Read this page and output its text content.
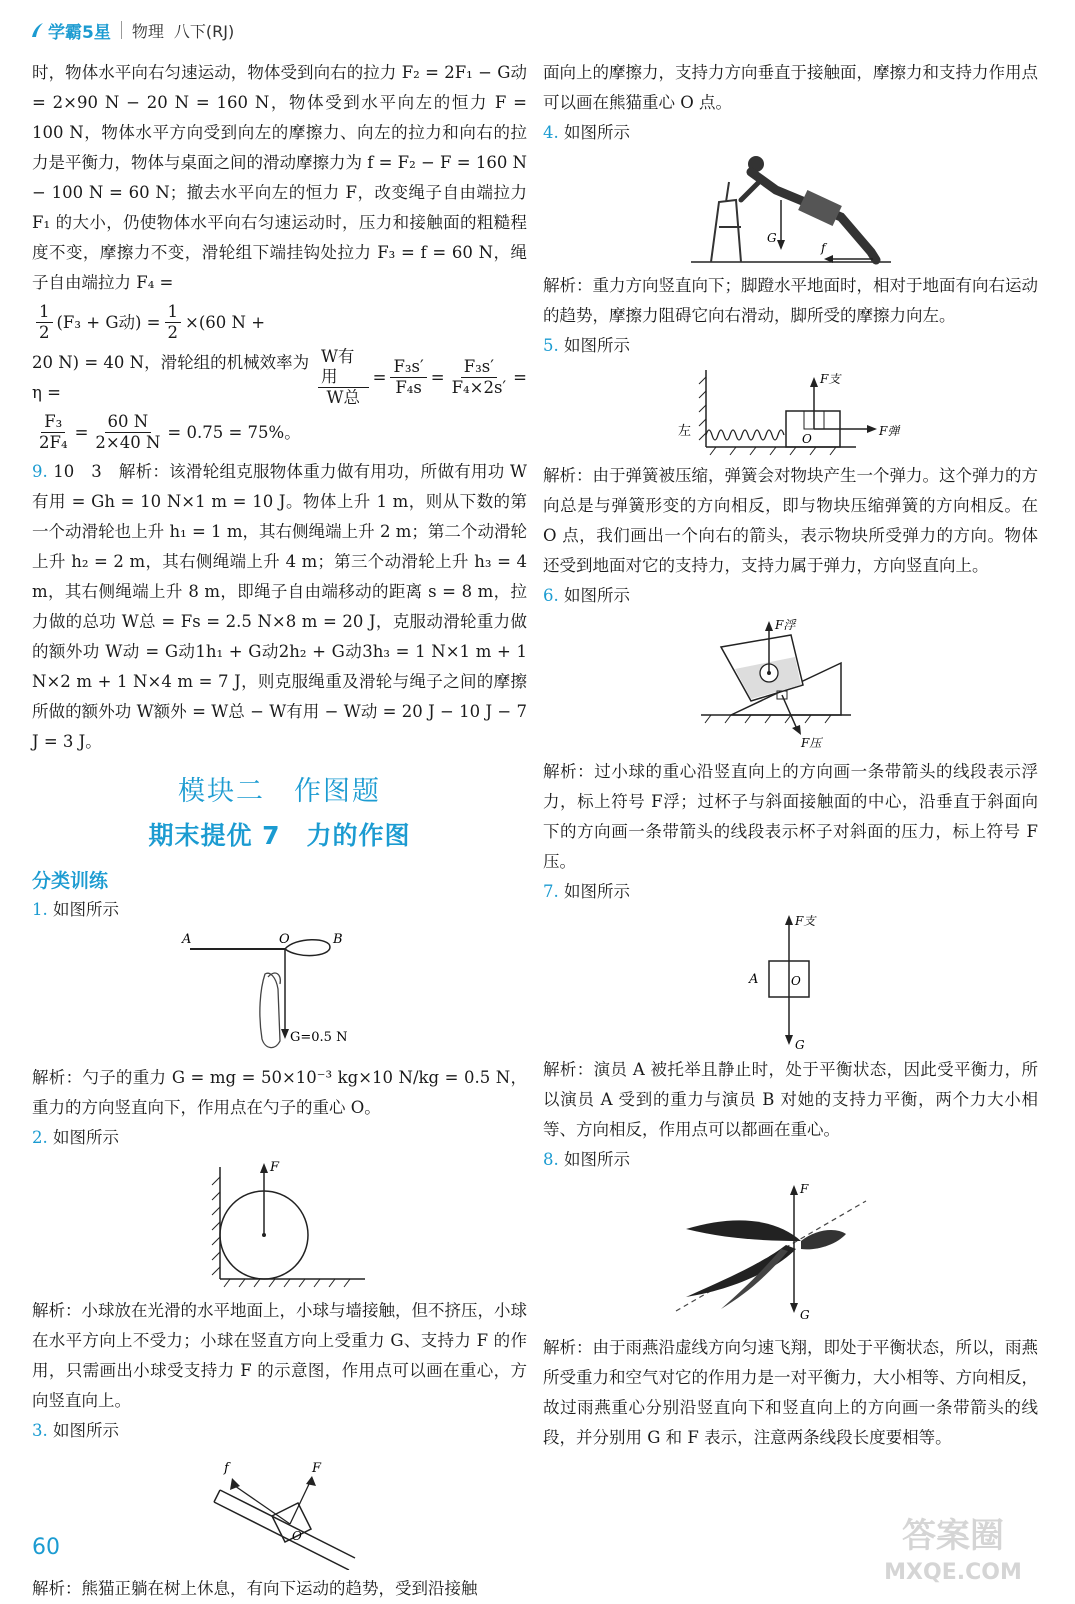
学霸5星 物理 八下(RJ)

时，物体水平向右匀速运动，物体受到向右的拉力 F₂ = 2F₁ − G动 = 2×90 N − 20 N = 160 N，物体受到水平向左的恒力 F = 100 N，物体水平方向受到向左的摩擦力、向左的拉力和向右的拉力是平衡力，物体与桌面之间的滑动摩擦力为 f = F₂ − F = 160 N − 100 N = 60 N；撤去水平向左的恒力 F，改变绳子自由端拉力 F₁ 的大小，仍使物体水平向右匀速运动时，压力和接触面的粗糙程度不变，摩擦力不变，滑轮组下端挂钩处拉力 F₃ = f = 60 N，绳子自由端拉力 F₄ =

$\frac{1}{2} (F_3 + G$动) = $\frac{1}{2} \times(60$ N +
20 N) = 40 N，滑轮组的机械效率为 η =	$\frac{\text{W有用}}{\text{W总}} = \frac{\text{F₃s′}}{\text{F₄s}} = \frac{\text{F₃s′}}{\text{F₄×2s′}}$ =
$\frac{\text{F₃}}{\text{2F₄}} = \frac{60 N}{2\times 40 N} = 0.75 = 75\%$。

9. 10　3　解析：该滑轮组克服物体重力做有用功，所做有用功 W有用 = Gh = 10 N×1 m = 10 J。物体上升 1 m，则从下数的第一个动滑轮也上升 h₁ = 1 m，其右侧绳端上升 2 m；第二个动滑轮上升 h₂ = 2 m，其右侧绳端上升 4 m；第三个动滑轮上升 h₃ = 4 m，其右侧绳端上升 8 m，即绳子自由端移动的距离 s = 8 m，拉力做的总功 W总 = Fs = 2.5 N×8 m = 20 J，克服动滑轮重力做的额外功 W动 = G动1h₁ + G动2h₂ + G动3h₃ = 1 N×1 m + 1 N×2 m + 1 N×4 m = 7 J，则克服绳重及滑轮与绳子之间的摩擦所做的额外功 W额外 = W总 − W有用 − W动 = 20 J − 10 J − 7 J = 3 J。

模块二　作图题
期末提优 7　力的作图

分类训练

1. 如图所示

A	O	B
G=0.5 N

解析：勺子的重力 G = mg = 50×10⁻³ kg×10 N/kg = 0.5 N，重力的方向竖直向下，作用点在勺子的重心 O。

2. 如图所示

F

解析：小球放在光滑的水平地面上，小球与墙接触，但不挤压，小球在水平方向上不受力；小球在竖直方向上受重力 G、支持力 F 的作用，只需画出小球受支持力 F 的示意图，作用点可以画在重心，方向竖直向上。

3. 如图所示

f	F
O

解析：熊猫正躺在树上休息，有向下运动的趋势，受到沿接触

面向上的摩擦力，支持力方向垂直于接触面，摩擦力和支持力作用点可以画在熊猫重心 O 点。

4. 如图所示

G
f

解析：重力方向竖直向下；脚蹬水平地面时，相对于地面有向右运动的趋势，摩擦力阻碍它向右滑动，脚所受的摩擦力向左。

5. 如图所示

左	O
F支
F弹

解析：由于弹簧被压缩，弹簧会对物块产生一个弹力。这个弹力的方向总是与弹簧形变的方向相反，即与物块压缩弹簧的方向相反。在 O 点，我们画出一个向右的箭头，表示物块所受弹力的方向。物体还受到地面对它的支持力，支持力属于弹力，方向竖直向上。

6. 如图所示

F浮
F压

解析：过小球的重心沿竖直向上的方向画一条带箭头的线段表示浮力，标上符号 F浮；过杯子与斜面接触面的中心，沿垂直于斜面向下的方向画一条带箭头的线段表示杯子对斜面的压力，标上符号 F压。

7. 如图所示

F支
A	O
G

解析：演员 A 被托举且静止时，处于平衡状态，因此受平衡力，所以演员 A 受到的重力与演员 B 对她的支持力平衡，两个力大小相等、方向相反，作用点可以都画在重心。

8. 如图所示

F
O
G

解析：由于雨燕沿虚线方向匀速飞翔，即处于平衡状态，所以，雨燕所受重力和空气对它的作用力是一对平衡力，大小相等、方向相反，故过雨燕重心分别沿竖直向下和竖直向上的方向画一条带箭头的线段，并分别用 G 和 F 表示，注意两条线段长度要相等。

60	答案圈
MXQE.COM
